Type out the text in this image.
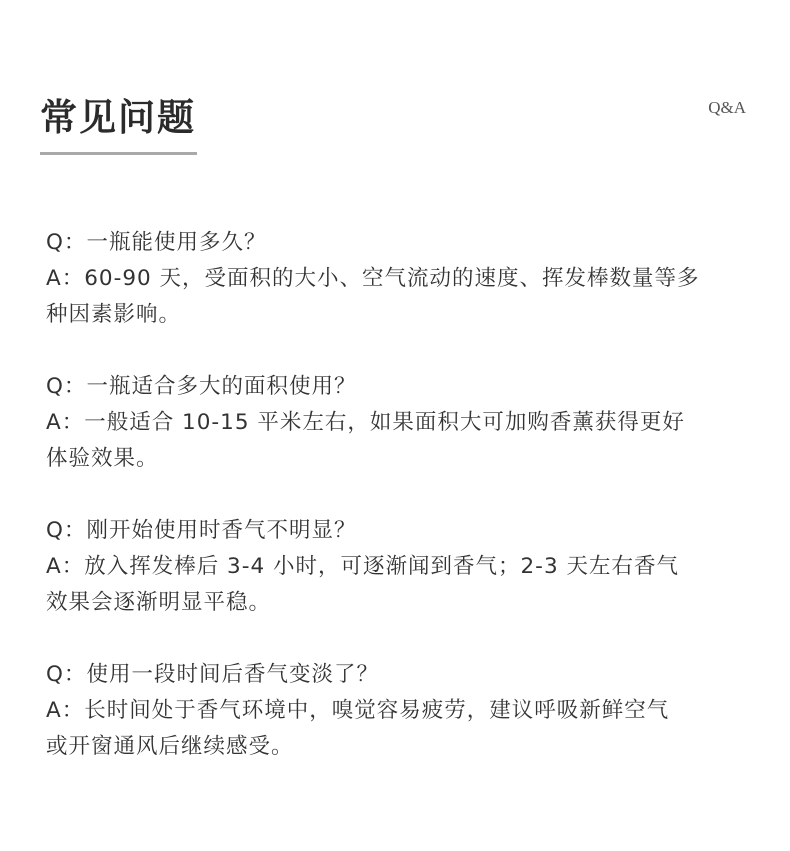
常见问题	Q&A

Q：一瓶能使用多久？

A：60-90 天，受面积的大小、空气流动的速度、挥发棒数量等多

种因素影响。

Q：一瓶适合多大的面积使用？

A：一般适合 10-15 平米左右，如果面积大可加购香薰获得更好

体验效果。

Q：刚开始使用时香气不明显？

A：放入挥发棒后 3-4 小时，可逐渐闻到香气；2-3 天左右香气

效果会逐渐明显平稳。

Q：使用一段时间后香气变淡了？

A：长时间处于香气环境中，嗅觉容易疲劳，建议呼吸新鲜空气

或开窗通风后继续感受。
